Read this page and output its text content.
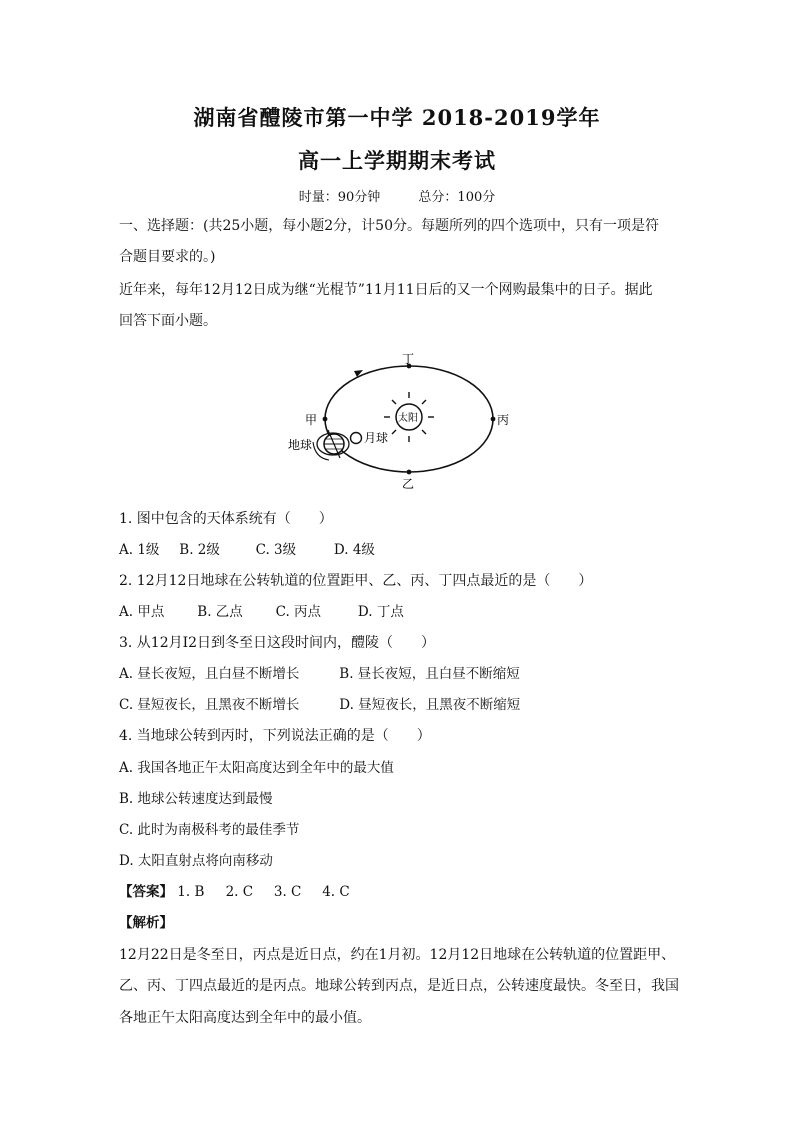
湖南省醴陵市第一中学 2018-2019学年
高一上学期期末考试
时量：90分钟	总分：100分
一、选择题：(共25小题，每小题2分，计50分。每题所列的四个选项中，只有一项是符
合题目要求的。)
近年来，每年12月12日成为继“光棍节”11月11日后的又一个网购最集中的日子。据此
回答下面小题。
丁
甲	丙
乙
太阳
地球	月球
1. 图中包含的天体系统有（　　）
A. 1级 B. 2级	C. 3级	D. 4级
2. 12月12日地球在公转轨道的位置距甲、乙、丙、丁四点最近的是（　　）
A. 甲点 B. 乙点 C. 丙点	D. 丁点
3. 从12月I2日到冬至日这段时间内，醴陵（　　）
A. 昼长夜短，且白昼不断增长	B. 昼长夜短，且白昼不断缩短
C. 昼短夜长，且黑夜不断增长	D. 昼短夜长，且黑夜不断缩短
4. 当地球公转到丙时，下列说法正确的是（　　）
A. 我国各地正午太阳高度达到全年中的最大值
B. 地球公转速度达到最慢
C. 此时为南极科考的最佳季节
D. 太阳直射点将向南移动
【答案】 1. B 2. C 3. C 4. C
【解析】
12月22日是冬至日，丙点是近日点，约在1月初。12月12日地球在公转轨道的位置距甲、
乙、丙、丁四点最近的是丙点。地球公转到丙点，是近日点，公转速度最快。冬至日，我国
各地正午太阳高度达到全年中的最小值。
